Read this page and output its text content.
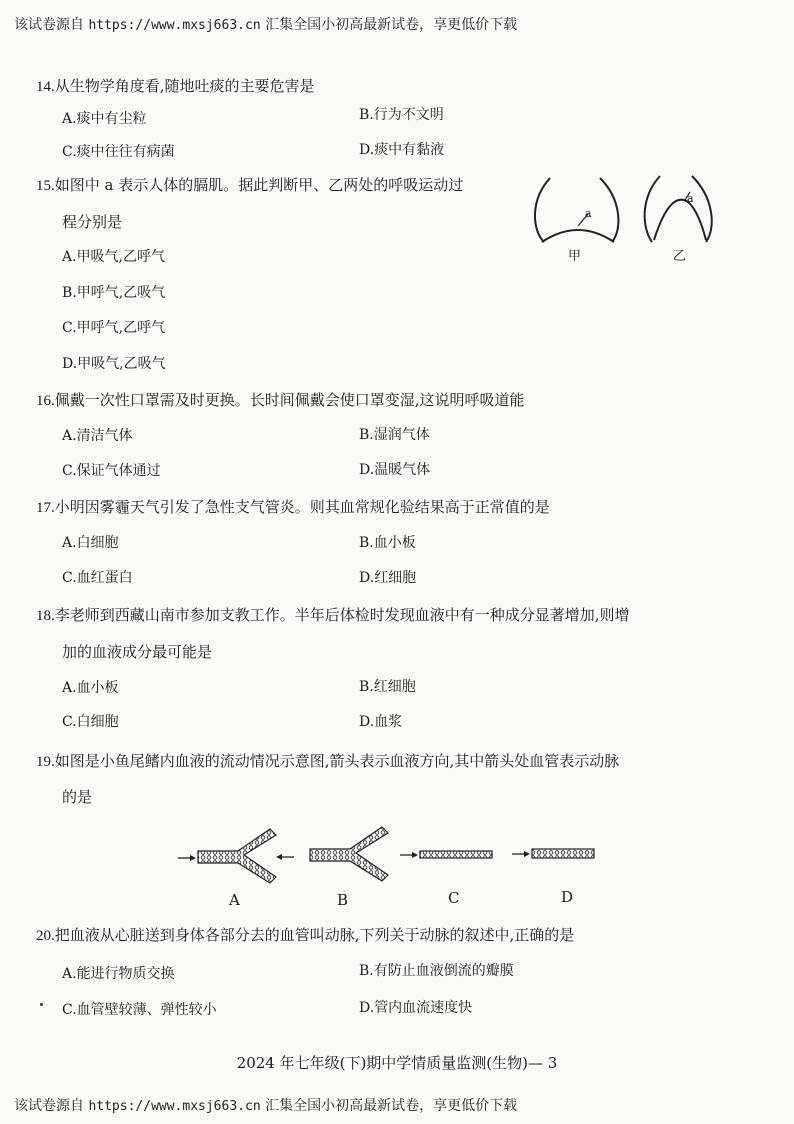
该试卷源自 https://www.mxsj663.cn 汇集全国小初高最新试卷，享更低价下载
14.从生物学角度看,随地吐痰的主要危害是
A.痰中有尘粒	B.行为不文明
C.痰中往往有病菌	D.痰中有黏液
15.如图中 a 表示人体的膈肌。据此判断甲、乙两处的呼吸运动过
程分别是
A.甲吸气,乙呼气
B.甲呼气,乙吸气
C.甲呼气,乙呼气
D.甲吸气,乙吸气
a
a
甲	乙
16.佩戴一次性口罩需及时更换。长时间佩戴会使口罩变湿,这说明呼吸道能
A.清洁气体	B.湿润气体
C.保证气体通过	D.温暖气体
17.小明因雾霾天气引发了急性支气管炎。则其血常规化验结果高于正常值的是
A.白细胞	B.血小板
C.血红蛋白	D.红细胞
18.李老师到西藏山南市参加支教工作。半年后体检时发现血液中有一种成分显著增加,则增
加的血液成分最可能是
A.血小板	B.红细胞
C.白细胞	D.血浆
19.如图是小鱼尾鳍内血液的流动情况示意图,箭头表示血液方向,其中箭头处血管表示动脉
的是
A	B	C	D
20.把血液从心脏送到身体各部分去的血管叫动脉,下列关于动脉的叙述中,正确的是
A.能进行物质交换	B.有防止血液倒流的瓣膜
C.血管壁较薄、弹性较小	D.管内血流速度快
2024 年七年级(下)期中学情质量监测(生物)— 3
该试卷源自 https://www.mxsj663.cn 汇集全国小初高最新试卷，享更低价下载
